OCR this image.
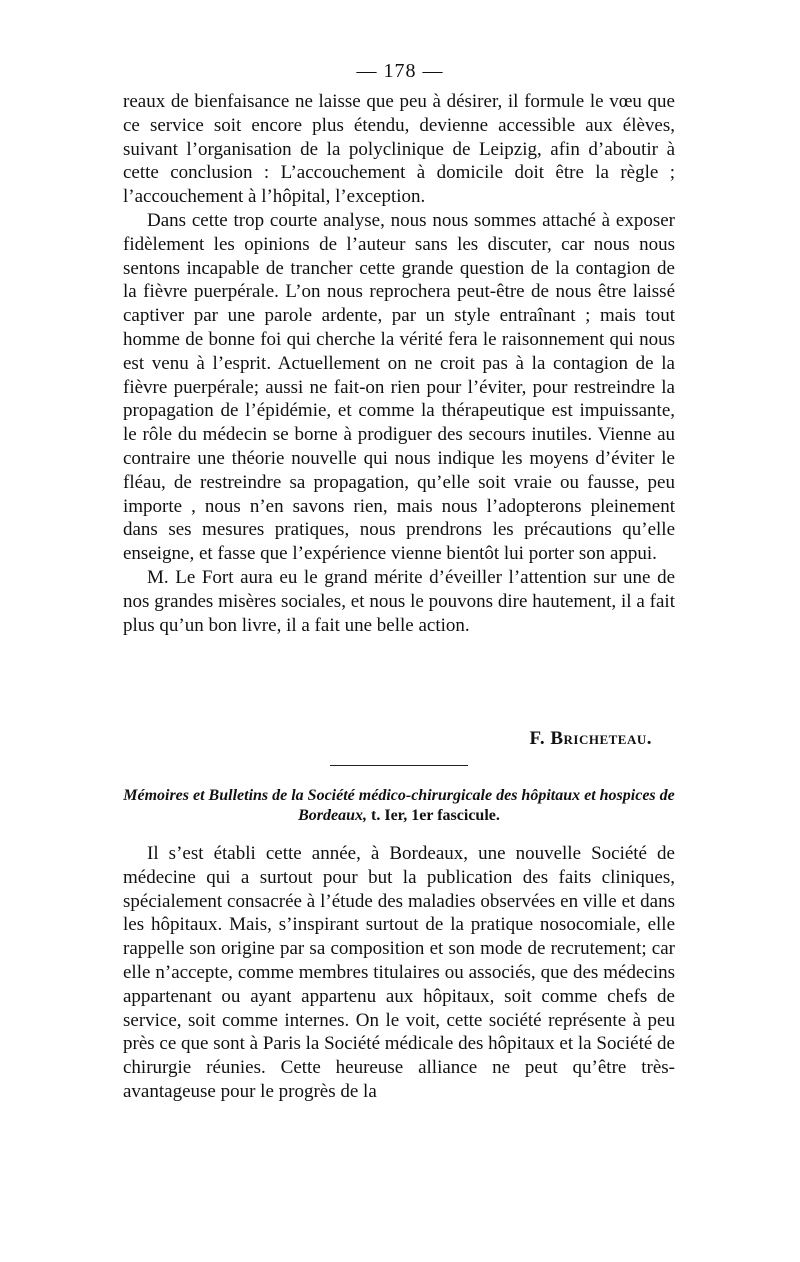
— 178 —

reaux de bienfaisance ne laisse que peu à désirer, il formule le vœu que ce service soit encore plus étendu, devienne accessible aux élèves, suivant l’organisation de la polyclinique de Leipzig, afin d’aboutir à cette conclusion : L’accouchement à domicile doit être la règle ; l’accouchement à l’hôpital, l’exception.

Dans cette trop courte analyse, nous nous sommes attaché à exposer fidèlement les opinions de l’auteur sans les discuter, car nous nous sentons incapable de trancher cette grande question de la contagion de la fièvre puerpérale. L’on nous reprochera peut-être de nous être laissé captiver par une parole ardente, par un style entraînant ; mais tout homme de bonne foi qui cherche la vérité fera le raisonnement qui nous est venu à l’esprit. Actuellement on ne croit pas à la contagion de la fièvre puerpérale; aussi ne fait-on rien pour l’éviter, pour restreindre la propagation de l’épidémie, et comme la thérapeutique est impuissante, le rôle du médecin se borne à prodiguer des secours inutiles. Vienne au contraire une théorie nouvelle qui nous indique les moyens d’éviter le fléau, de restreindre sa propagation, qu’elle soit vraie ou fausse, peu importe , nous n’en savons rien, mais nous l’adopterons pleinement dans ses mesures pratiques, nous prendrons les précautions qu’elle enseigne, et fasse que l’expérience vienne bientôt lui porter son appui.

M. Le Fort aura eu le grand mérite d’éveiller l’attention sur une de nos grandes misères sociales, et nous le pouvons dire hautement, il a fait plus qu’un bon livre, il a fait une belle action.

F. Bricheteau.
Mémoires et Bulletins de la Société médico-chirurgicale des hôpitaux et hospices de Bordeaux, t. Ier, 1er fascicule.

Il s’est établi cette année, à Bordeaux, une nouvelle Société de médecine qui a surtout pour but la publication des faits cliniques, spécialement consacrée à l’étude des maladies observées en ville et dans les hôpitaux. Mais, s’inspirant surtout de la pratique nosocomiale, elle rappelle son origine par sa composition et son mode de recrutement; car elle n’accepte, comme membres titulaires ou associés, que des médecins appartenant ou ayant appartenu aux hôpitaux, soit comme chefs de service, soit comme internes. On le voit, cette société représente à peu près ce que sont à Paris la Société médicale des hôpitaux et la Société de chirurgie réunies. Cette heureuse alliance ne peut qu’être très-avantageuse pour le progrès de la
